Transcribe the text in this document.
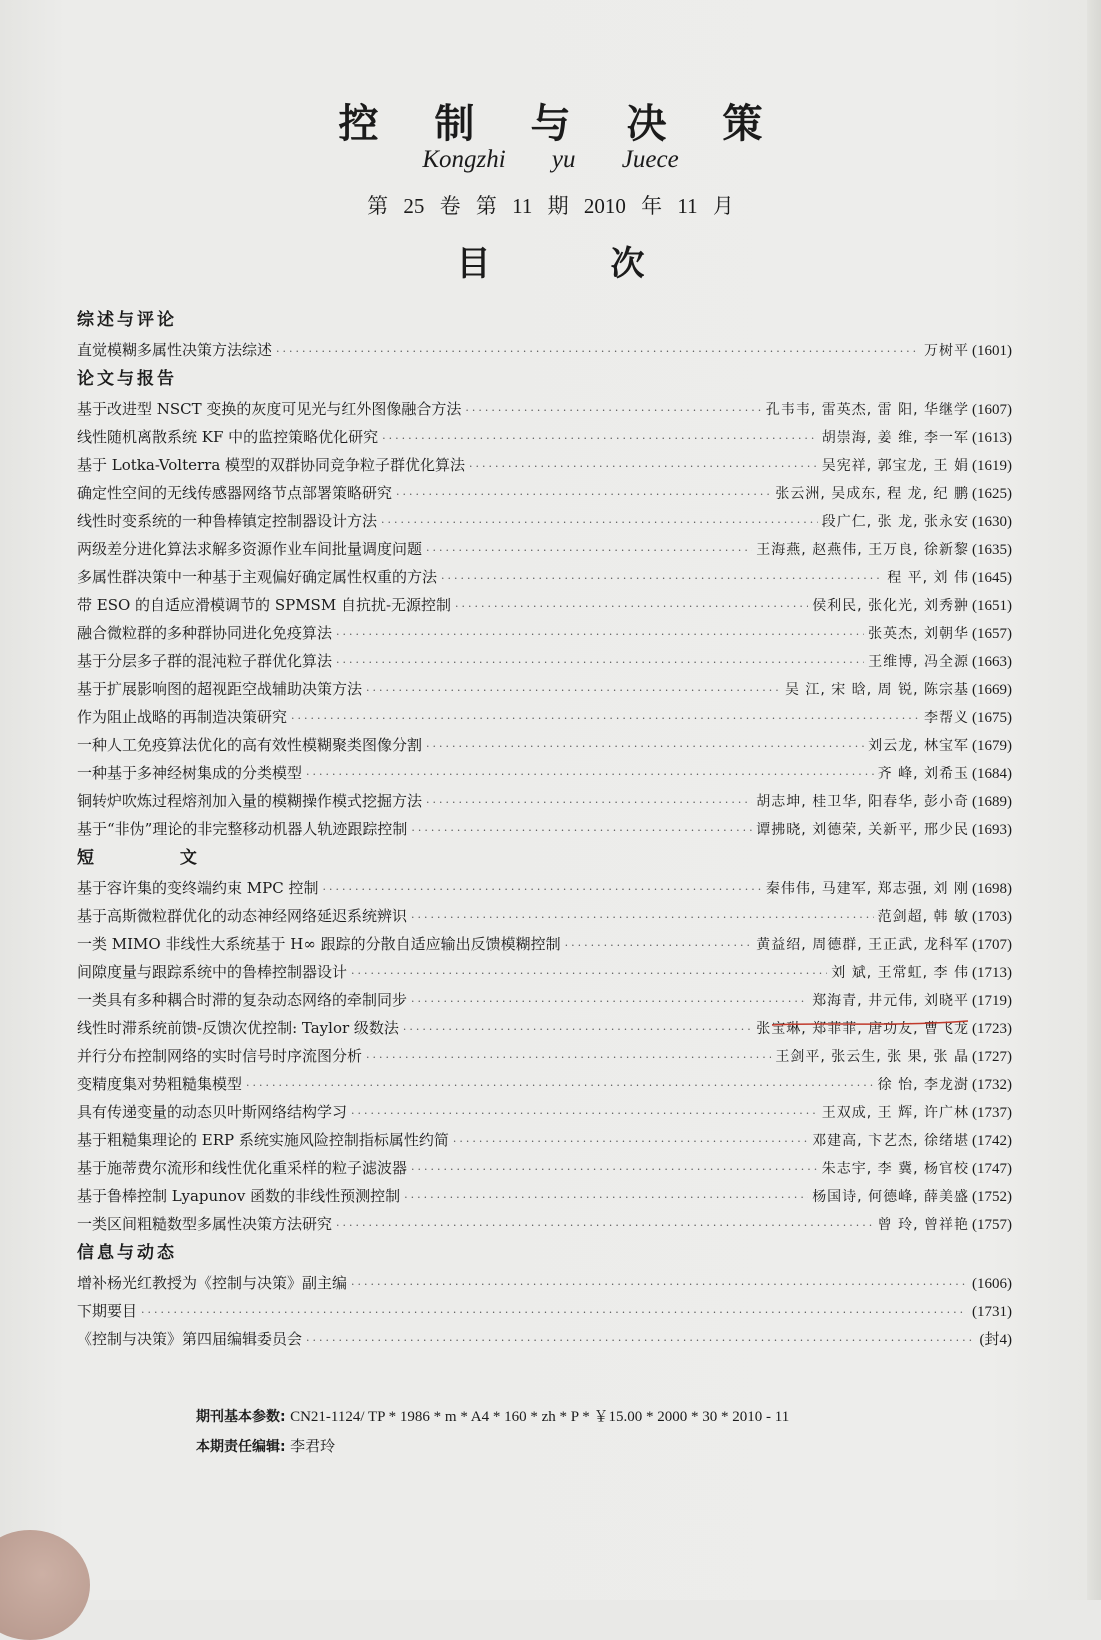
控制与决策
Kongzhi yu Juece
第 25 卷 第 11 期 2010 年 11 月
目次
综述与评论
直觉模糊多属性决策方法综述 ·····	万树平 (1601)
论文与报告
基于改进型 NSCT 变换的灰度可见光与红外图像融合方法 ·····	孔韦韦, 雷英杰, 雷 阳, 华继学 (1607)
线性随机离散系统 KF 中的监控策略优化研究 ·····	胡崇海, 姜 维, 李一军 (1613)
基于 Lotka-Volterra 模型的双群协同竞争粒子群优化算法 ·····	吴宪祥, 郭宝龙, 王 娟 (1619)
确定性空间的无线传感器网络节点部署策略研究 ·····	张云洲, 吴成东, 程 龙, 纪 鹏 (1625)
线性时变系统的一种鲁棒镇定控制器设计方法 ·····	段广仁, 张 龙, 张永安 (1630)
两级差分进化算法求解多资源作业车间批量调度问题 ·····	王海燕, 赵燕伟, 王万良, 徐新黎 (1635)
多属性群决策中一种基于主观偏好确定属性权重的方法 ·····	程 平, 刘 伟 (1645)
带 ESO 的自适应滑模调节的 SPMSM 自抗扰-无源控制 ·····	侯利民, 张化光, 刘秀翀 (1651)
融合微粒群的多种群协同进化免疫算法 ·····	张英杰, 刘朝华 (1657)
基于分层多子群的混沌粒子群优化算法 ·····	王维博, 冯全源 (1663)
基于扩展影响图的超视距空战辅助决策方法 ·····	吴 江, 宋 晗, 周 锐, 陈宗基 (1669)
作为阻止战略的再制造决策研究 ·····	李帮义 (1675)
一种人工免疫算法优化的高有效性模糊聚类图像分割 ·····	刘云龙, 林宝军 (1679)
一种基于多神经树集成的分类模型 ·····	齐 峰, 刘希玉 (1684)
铜转炉吹炼过程熔剂加入量的模糊操作模式挖掘方法 ·····	胡志坤, 桂卫华, 阳春华, 彭小奇 (1689)
基于“非伪”理论的非完整移动机器人轨迹跟踪控制 ·····	谭拂晓, 刘德荣, 关新平, 邢少民 (1693)
短 文
基于容许集的变终端约束 MPC 控制 ·····	秦伟伟, 马建军, 郑志强, 刘 刚 (1698)
基于高斯微粒群优化的动态神经网络延迟系统辨识 ·····	范剑超, 韩 敏 (1703)
一类 MIMO 非线性大系统基于 H∞ 跟踪的分散自适应输出反馈模糊控制 ·····	黄益绍, 周德群, 王正武, 龙科军 (1707)
间隙度量与跟踪系统中的鲁棒控制器设计 ·····	刘 斌, 王常虹, 李 伟 (1713)
一类具有多种耦合时滞的复杂动态网络的牵制同步 ·····	郑海青, 井元伟, 刘晓平 (1719)
线性时滞系统前馈-反馈次优控制: Taylor 级数法 ·····	张宝琳, 郑菲菲, 唐功友, 曹飞龙 (1723)
并行分布控制网络的实时信号时序流图分析 ·····	王剑平, 张云生, 张 果, 张 晶 (1727)
变精度集对势粗糙集模型 ·····	徐 怡, 李龙澍 (1732)
具有传递变量的动态贝叶斯网络结构学习 ·····	王双成, 王 辉, 许广林 (1737)
基于粗糙集理论的 ERP 系统实施风险控制指标属性约简 ·····	邓建高, 卞艺杰, 徐绪堪 (1742)
基于施蒂费尔流形和线性优化重采样的粒子滤波器 ·····	朱志宇, 李 冀, 杨官校 (1747)
基于鲁棒控制 Lyapunov 函数的非线性预测控制 ·····	杨国诗, 何德峰, 薛美盛 (1752)
一类区间粗糙数型多属性决策方法研究 ·····	曾 玲, 曾祥艳 (1757)
信息与动态
增补杨光红教授为《控制与决策》副主编 ·····	(1606)
下期要目 ·····	(1731)
《控制与决策》第四届编辑委员会 ·····	(封4)
期刊基本参数: CN21-1124/ TP * 1986 * m * A4 * 160 * zh * P * ￥15.00 * 2000 * 30 * 2010 - 11
本期责任编辑: 李君玲
